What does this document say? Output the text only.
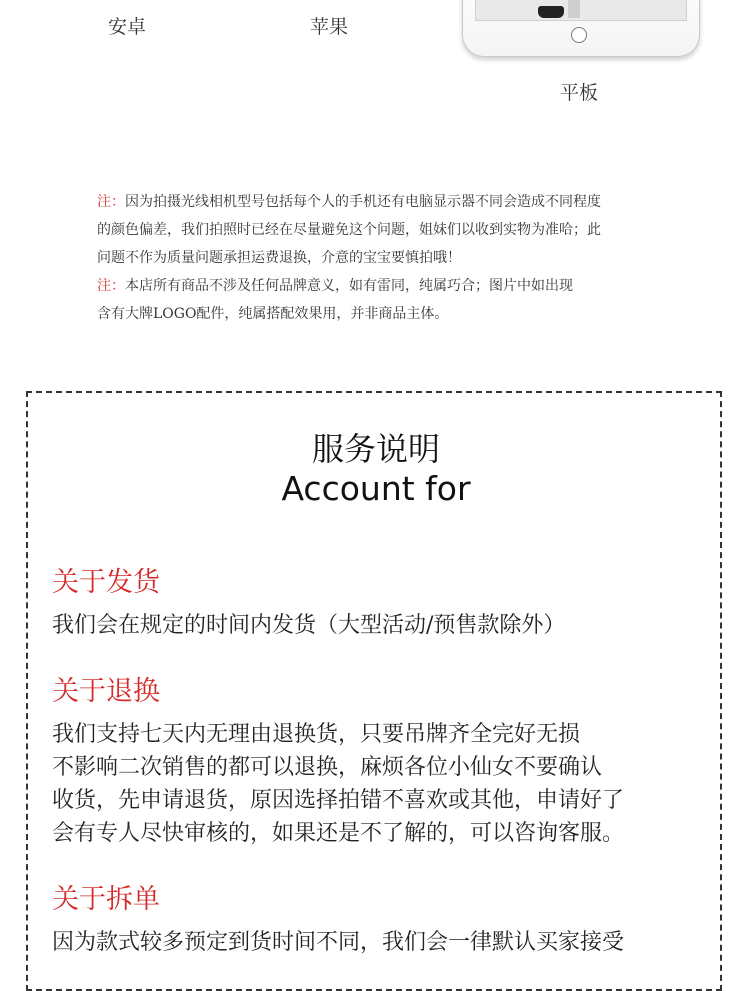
安卓	苹果
平板

注：因为拍摄光线相机型号包括每个人的手机还有电脑显示器不同会造成不同程度

的颜色偏差，我们拍照时已经在尽量避免这个问题，姐妹们以收到实物为准哈；此

问题不作为质量问题承担运费退换，介意的宝宝要慎拍哦！

注：本店所有商品不涉及任何品牌意义，如有雷同，纯属巧合；图片中如出现

含有大牌LOGO配件，纯属搭配效果用，并非商品主体。

服务说明
Account for
关于发货

我们会在规定的时间内发货（大型活动/预售款除外）

关于退换

我们支持七天内无理由退换货，只要吊牌齐全完好无损
不影响二次销售的都可以退换，麻烦各位小仙女不要确认
收货，先申请退货，原因选择拍错不喜欢或其他，申请好了
会有专人尽快审核的，如果还是不了解的，可以咨询客服。

关于拆单

因为款式较多预定到货时间不同，我们会一律默认买家接受
